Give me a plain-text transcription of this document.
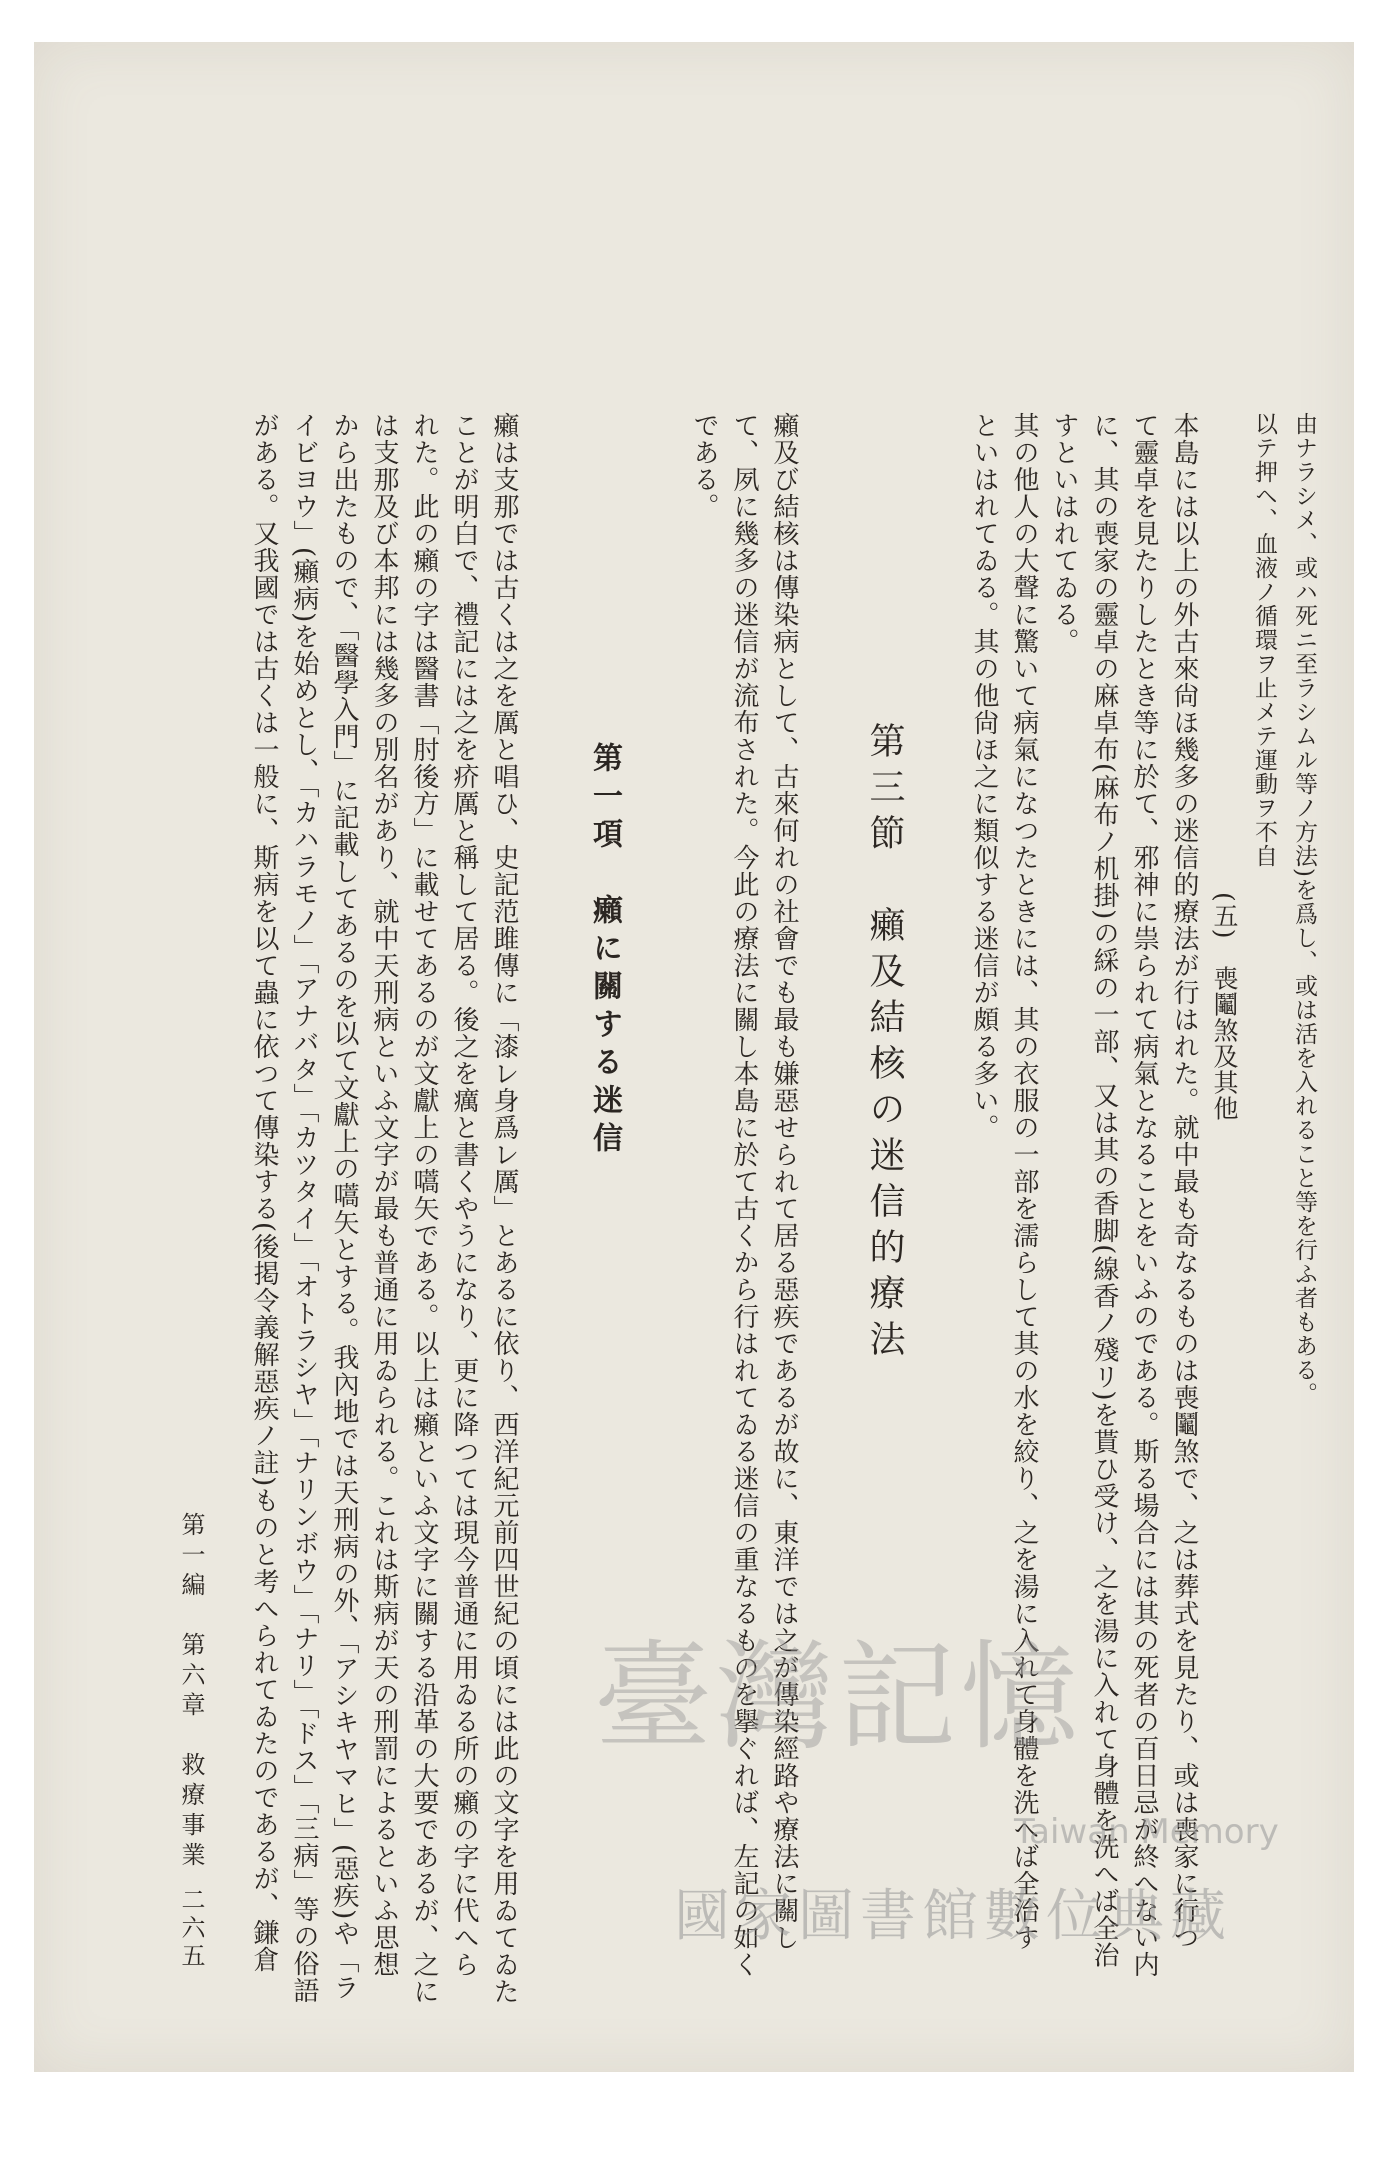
由ナラシメ、或ハ死ニ至ラシムル等ノ方法)を爲し、或は活を入れること等を行ふ者もある。
以テ押ヘ、血液ノ循環ヲ止メテ運動ヲ不自
(五)　喪鬮煞及其他
本島には以上の外古來尙ほ幾多の迷信的療法が行はれた。就中最も奇なるものは喪鬮煞で、之は葬式を見たり、或は喪家に行つ
て靈卓を見たりしたとき等に於て、邪神に祟られて病氣となることをいふのである。斯る場合には其の死者の百日忌が終へない内
に、其の喪家の靈卓の麻卓布(麻布ノ机掛)の綵の一部、又は其の香脚(線香ノ殘リ)を貰ひ受け、之を湯に入れて身體を洗へば全治
すといはれてゐる。
其の他人の大聲に驚いて病氣になつたときには、其の衣服の一部を濡らして其の水を絞り、之を湯に入れて身體を洗へば全治す
といはれてゐる。其の他尙ほ之に類似する迷信が頗る多い。
第三節　癩及結核の迷信的療法
癩及び結核は傳染病として、古來何れの社會でも最も嫌惡せられて居る惡疾であるが故に、東洋では之が傳染經路や療法に關し
て、夙に幾多の迷信が流布された。今此の療法に關し本島に於て古くから行はれてゐる迷信の重なるものを擧ぐれば、左記の如く
である。
第一項　癩に關する迷信
癩は支那では古くは之を厲と唱ひ、史記范雎傳に「漆レ身爲レ厲」とあるに依り、西洋紀元前四世紀の頃には此の文字を用ゐてゐた
ことが明白で、禮記には之を疥厲と稱して居る。後之を癘と書くやうになり、更に降つては現今普通に用ゐる所の癩の字に代へら
れた。此の癩の字は醫書「肘後方」に載せてあるのが文獻上の嚆矢である。以上は癩といふ文字に關する沿革の大要であるが、之に
は支那及び本邦には幾多の別名があり、就中天刑病といふ文字が最も普通に用ゐられる。これは斯病が天の刑罰によるといふ思想
から出たもので、「醫學入門」に記載してあるのを以て文獻上の嚆矢とする。我內地では天刑病の外、「アシキヤマヒ」(惡疾)や「ラ
イビヨウ」(癩病)を始めとし、「カハラモノ」「アナバタ」「カツタイ」「オトラシヤ」「ナリンボウ」「ナリ」「ドス」「三病」等の俗語
がある。又我國では古くは一般に、斯病を以て蟲に依つて傳染する(後掲令義解惡疾ノ註)ものと考へられてゐたのであるが、鎌倉
第一編　第六章　救療事業
二六五
臺灣記憶
Taiwan Memory
國家圖書館數位典藏
